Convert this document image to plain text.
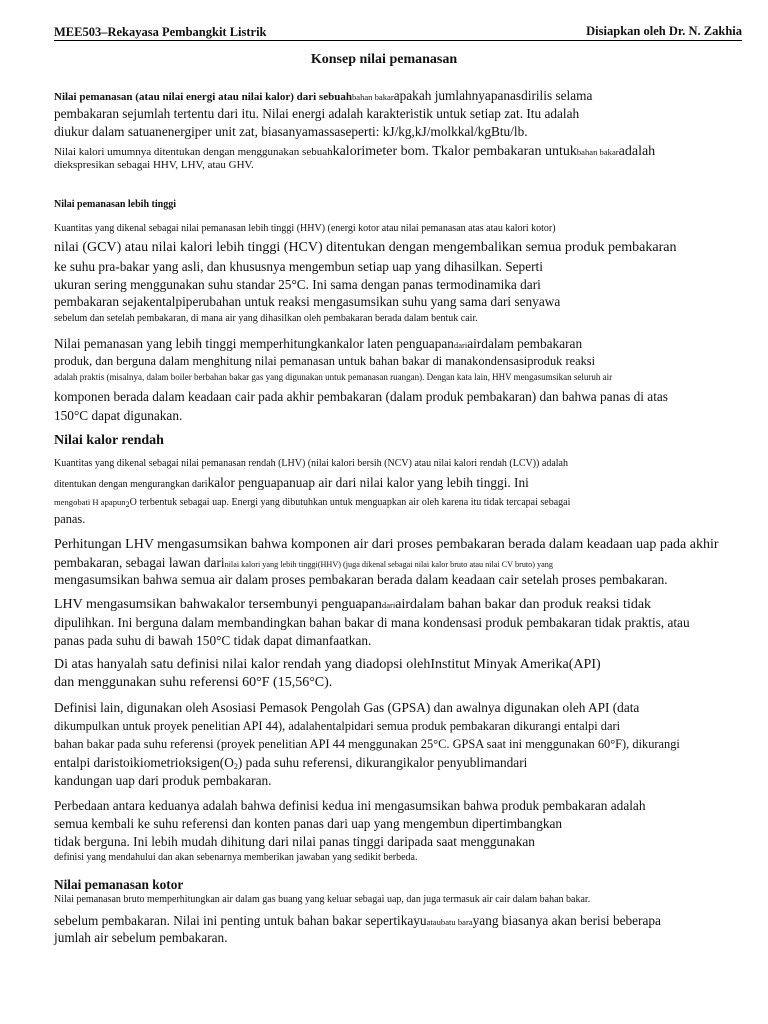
MEE503–Rekayasa Pembangkit Listrik	Disiapkan oleh Dr. N. Zakhia
Konsep nilai pemanasan
Nilai pemanasan (atau nilai energi atau nilai kalor) dari sebuahbahan bakarapakah jumlahnyapanasdirilis selama
pembakaran sejumlah tertentu dari itu. Nilai energi adalah karakteristik untuk setiap zat. Itu adalah
diukur dalam satuanenergiper unit zat, biasanyamassaseperti: kJ/kg,kJ/molkkal/kgBtu/lb.
Nilai kalori umumnya ditentukan dengan menggunakan sebuahkalorimeter bom. Tkalor pembakaran untukbahan bakaradalah
diekspresikan sebagai HHV, LHV, atau GHV.
Nilai pemanasan lebih tinggi
Kuantitas yang dikenal sebagai nilai pemanasan lebih tinggi (HHV) (energi kotor atau nilai pemanasan atas atau kalori kotor)
nilai (GCV) atau nilai kalori lebih tinggi (HCV) ditentukan dengan mengembalikan semua produk pembakaran
ke suhu pra-bakar yang asli, dan khususnya mengembun setiap uap yang dihasilkan. Seperti
ukuran sering menggunakan suhu standar 25°C. Ini sama dengan panas termodinamika dari
pembakaran sejakentalpiperubahan untuk reaksi mengasumsikan suhu yang sama dari senyawa
sebelum dan setelah pembakaran, di mana air yang dihasilkan oleh pembakaran berada dalam bentuk cair.
Nilai pemanasan yang lebih tinggi memperhitungkankalor laten penguapandariairdalam pembakaran
produk, dan berguna dalam menghitung nilai pemanasan untuk bahan bakar di manakondensasiproduk reaksi
adalah praktis (misalnya, dalam boiler berbahan bakar gas yang digunakan untuk pemanasan ruangan). Dengan kata lain, HHV mengasumsikan seluruh air
komponen berada dalam keadaan cair pada akhir pembakaran (dalam produk pembakaran) dan bahwa panas di atas
150°C dapat digunakan.
Nilai kalor rendah
Kuantitas yang dikenal sebagai nilai pemanasan rendah (LHV) (nilai kalori bersih (NCV) atau nilai kalori rendah (LCV)) adalah
ditentukan dengan mengurangkan darikalor penguapanuap air dari nilai kalor yang lebih tinggi. Ini
mengobati H apapun$_2$O terbentuk sebagai uap. Energi yang dibutuhkan untuk menguapkan air oleh karena itu tidak tercapai sebagai
panas.
Perhitungan LHV mengasumsikan bahwa komponen air dari proses pembakaran berada dalam keadaan uap pada akhir
pembakaran, sebagai lawan darinilai kalori yang lebih tinggi(HHV) (juga dikenal sebagai nilai kalor bruto atau nilai CV bruto) yang
mengasumsikan bahwa semua air dalam proses pembakaran berada dalam keadaan cair setelah proses pembakaran.
LHV mengasumsikan bahwakalor tersembunyi penguapandariairdalam bahan bakar dan produk reaksi tidak
dipulihkan. Ini berguna dalam membandingkan bahan bakar di mana kondensasi produk pembakaran tidak praktis, atau
panas pada suhu di bawah 150°C tidak dapat dimanfaatkan.
Di atas hanyalah satu definisi nilai kalor rendah yang diadopsi olehInstitut Minyak Amerika(API)
dan menggunakan suhu referensi 60°F (15,56°C).
Definisi lain, digunakan oleh Asosiasi Pemasok Pengolah Gas (GPSA) dan awalnya digunakan oleh API (data
dikumpulkan untuk proyek penelitian API 44), adalahentalpidari semua produk pembakaran dikurangi entalpi dari
bahan bakar pada suhu referensi (proyek penelitian API 44 menggunakan 25°C. GPSA saat ini menggunakan 60°F), dikurangi
entalpi $daristoikiometrioksigen(O_2)$ pada suhu referensi, dikurangikalor penyublimandari
kandungan uap dari produk pembakaran.
Perbedaan antara keduanya adalah bahwa definisi kedua ini mengasumsikan bahwa produk pembakaran adalah
semua kembali ke suhu referensi dan konten panas dari uap yang mengembun dipertimbangkan
tidak berguna. Ini lebih mudah dihitung dari nilai panas tinggi daripada saat menggunakan
definisi yang mendahului dan akan sebenarnya memberikan jawaban yang sedikit berbeda.
Nilai pemanasan kotor
Nilai pemanasan bruto memperhitungkan air dalam gas buang yang keluar sebagai uap, dan juga termasuk air cair dalam bahan bakar.
sebelum pembakaran. Nilai ini penting untuk bahan bakar sepertikayuataubatu barayang biasanya akan berisi beberapa
jumlah air sebelum pembakaran.
